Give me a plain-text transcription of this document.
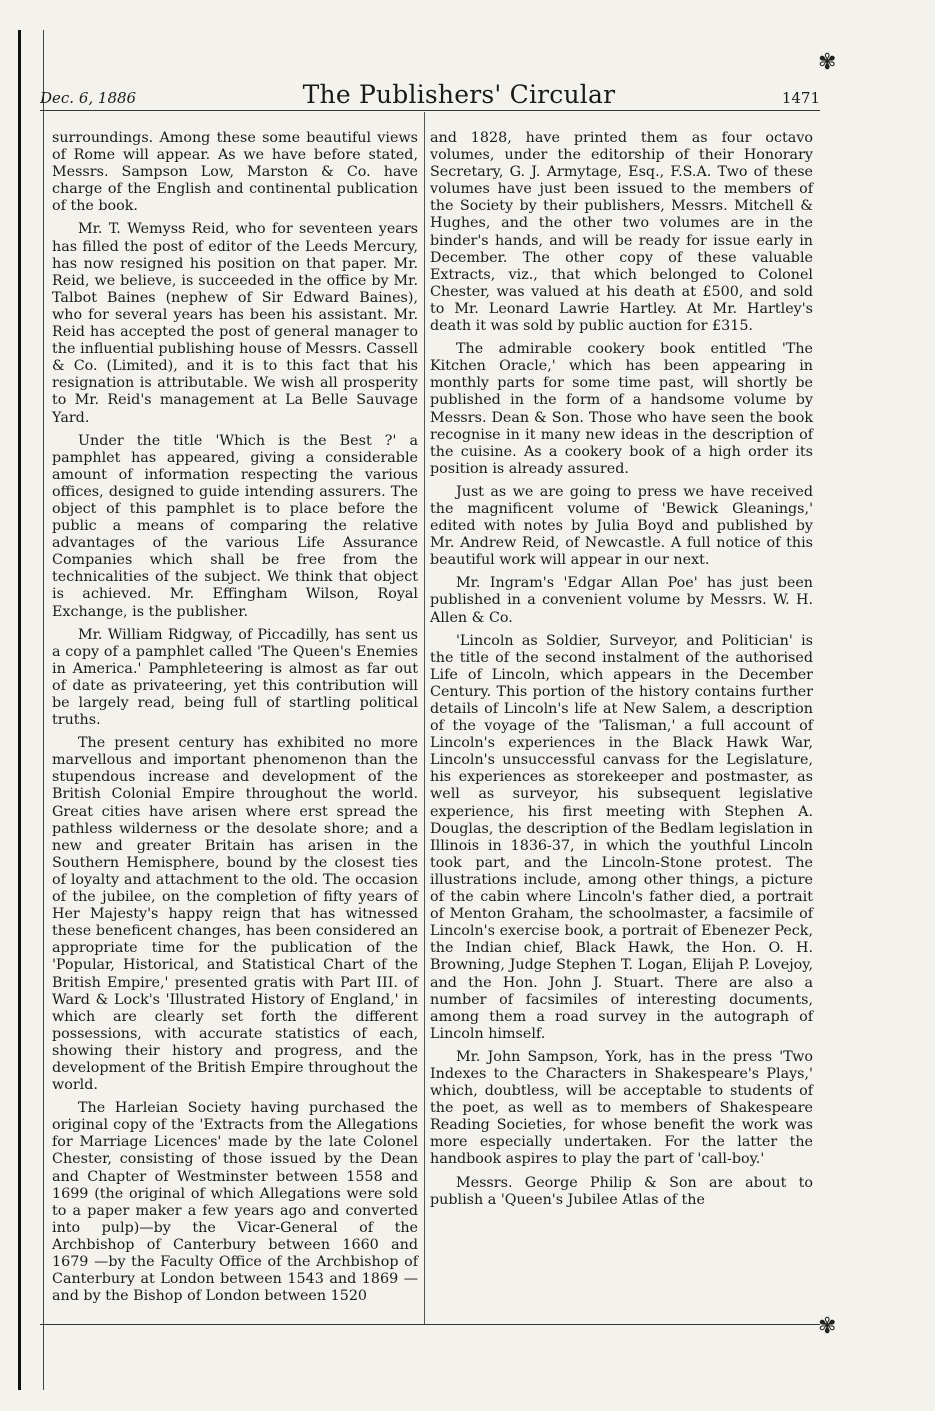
✾
✾
Dec. 6, 1886	The Publishers' Circular	1471

surroundings. Among these some beautiful views of Rome will appear. As we have before stated, Messrs. Sampson Low, Marston & Co. have charge of the English and continental publication of the book.

Mr. T. Wemyss Reid, who for seventeen years has filled the post of editor of the Leeds Mercury, has now resigned his position on that paper. Mr. Reid, we believe, is succeeded in the office by Mr. Talbot Baines (nephew of Sir Edward Baines), who for several years has been his assistant. Mr. Reid has accepted the post of general manager to the influential publishing house of Messrs. Cassell & Co. (Limited), and it is to this fact that his resignation is attributable. We wish all prosperity to Mr. Reid's management at La Belle Sauvage Yard.

Under the title 'Which is the Best ?' a pamphlet has appeared, giving a considerable amount of information respecting the various offices, designed to guide intending assurers. The object of this pamphlet is to place before the public a means of comparing the relative advantages of the various Life Assurance Companies which shall be free from the technicalities of the subject. We think that object is achieved. Mr. Effingham Wilson, Royal Exchange, is the publisher.

Mr. William Ridgway, of Piccadilly, has sent us a copy of a pamphlet called 'The Queen's Enemies in America.' Pamphleteering is almost as far out of date as privateering, yet this contribution will be largely read, being full of startling political truths.

The present century has exhibited no more marvellous and important phenomenon than the stupendous increase and development of the British Colonial Empire throughout the world. Great cities have arisen where erst spread the pathless wilderness or the desolate shore; and a new and greater Britain has arisen in the Southern Hemisphere, bound by the closest ties of loyalty and attachment to the old. The occasion of the jubilee, on the completion of fifty years of Her Majesty's happy reign that has witnessed these beneficent changes, has been considered an appropriate time for the publication of the 'Popular, Historical, and Statistical Chart of the British Empire,' presented gratis with Part III. of Ward & Lock's 'Illustrated History of England,' in which are clearly set forth the different possessions, with accurate statistics of each, showing their history and progress, and the development of the British Empire throughout the world.

The Harleian Society having purchased the original copy of the 'Extracts from the Allegations for Marriage Licences' made by the late Colonel Chester, consisting of those issued by the Dean and Chapter of Westminster between 1558 and 1699 (the original of which Allegations were sold to a paper maker a few years ago and converted into pulp)—by the Vicar-General of the Archbishop of Canterbury between 1660 and 1679 —by the Faculty Office of the Archbishop of Canterbury at London between 1543 and 1869 —and by the Bishop of London between 1520

and 1828, have printed them as four octavo volumes, under the editorship of their Honorary Secretary, G. J. Armytage, Esq., F.S.A. Two of these volumes have just been issued to the members of the Society by their publishers, Messrs. Mitchell & Hughes, and the other two volumes are in the binder's hands, and will be ready for issue early in December. The other copy of these valuable Extracts, viz., that which belonged to Colonel Chester, was valued at his death at £500, and sold to Mr. Leonard Lawrie Hartley. At Mr. Hartley's death it was sold by public auction for £315.

The admirable cookery book entitled 'The Kitchen Oracle,' which has been appearing in monthly parts for some time past, will shortly be published in the form of a handsome volume by Messrs. Dean & Son. Those who have seen the book recognise in it many new ideas in the description of the cuisine. As a cookery book of a high order its position is already assured.

Just as we are going to press we have received the magnificent volume of 'Bewick Gleanings,' edited with notes by Julia Boyd and published by Mr. Andrew Reid, of Newcastle. A full notice of this beautiful work will appear in our next.

Mr. Ingram's 'Edgar Allan Poe' has just been published in a convenient volume by Messrs. W. H. Allen & Co.

'Lincoln as Soldier, Surveyor, and Politician' is the title of the second instalment of the authorised Life of Lincoln, which appears in the December Century. This portion of the history contains further details of Lincoln's life at New Salem, a description of the voyage of the 'Talisman,' a full account of Lincoln's experiences in the Black Hawk War, Lincoln's unsuccessful canvass for the Legislature, his experiences as storekeeper and postmaster, as well as surveyor, his subsequent legislative experience, his first meeting with Stephen A. Douglas, the description of the Bedlam legislation in Illinois in 1836-37, in which the youthful Lincoln took part, and the Lincoln-Stone protest. The illustrations include, among other things, a picture of the cabin where Lincoln's father died, a portrait of Menton Graham, the schoolmaster, a facsimile of Lincoln's exercise book, a portrait of Ebenezer Peck, the Indian chief, Black Hawk, the Hon. O. H. Browning, Judge Stephen T. Logan, Elijah P. Lovejoy, and the Hon. John J. Stuart. There are also a number of facsimiles of interesting documents, among them a road survey in the autograph of Lincoln himself.

Mr. John Sampson, York, has in the press 'Two Indexes to the Characters in Shakespeare's Plays,' which, doubtless, will be acceptable to students of the poet, as well as to members of Shakespeare Reading Societies, for whose benefit the work was more especially undertaken. For the latter the handbook aspires to play the part of 'call-boy.'

Messrs. George Philip & Son are about to publish a 'Queen's Jubilee Atlas of the
